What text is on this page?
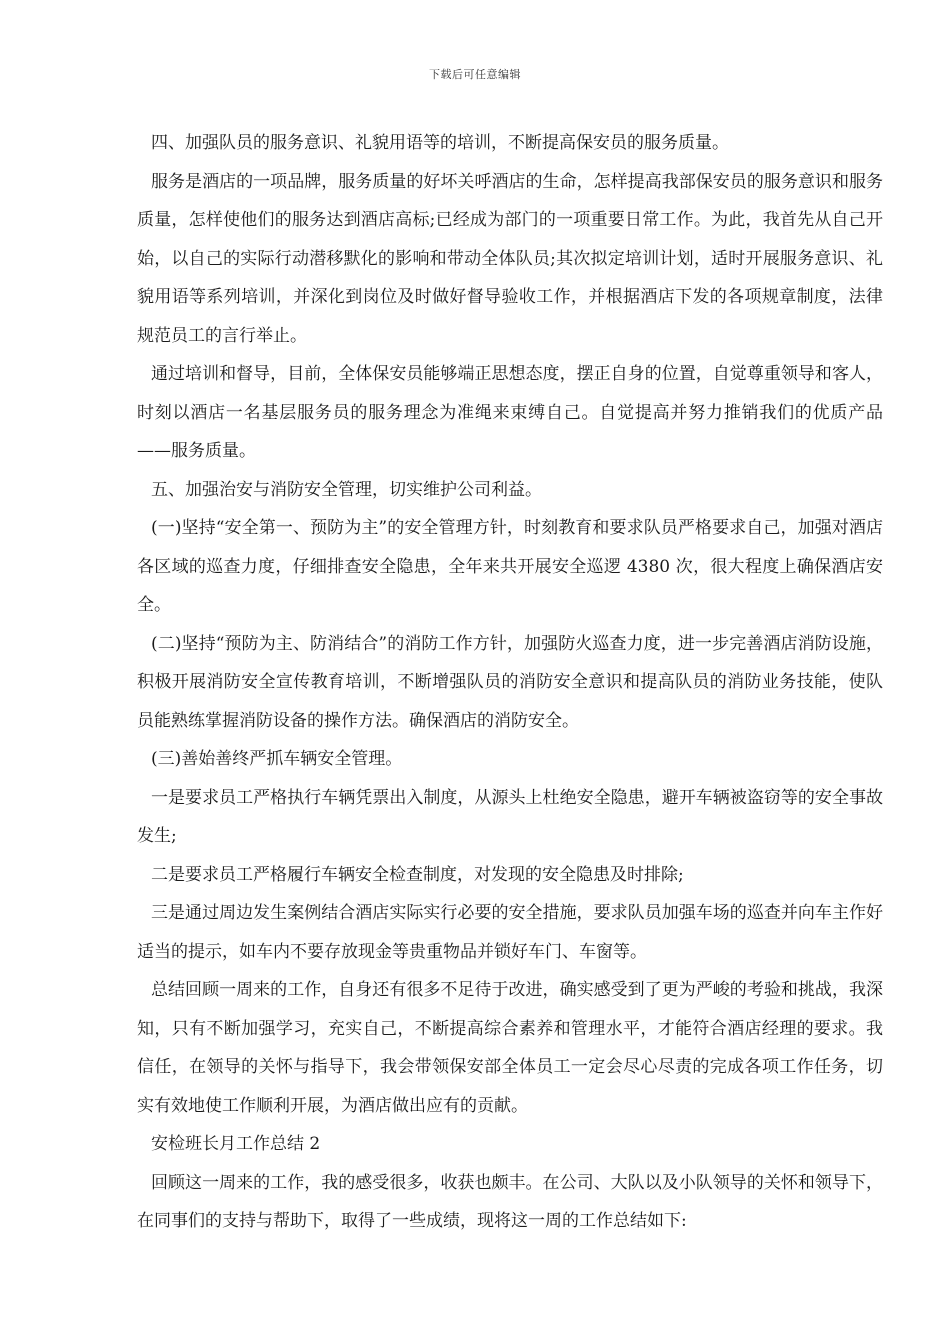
下载后可任意编辑

四、加强队员的服务意识、礼貌用语等的培训，不断提高保安员的服务质量。

服务是酒店的一项品牌，服务质量的好坏关呼酒店的生命，怎样提高我部保安员的服务意识和服务质量，怎样使他们的服务达到酒店高标;已经成为部门的一项重要日常工作。为此，我首先从自己开始，以自己的实际行动潜移默化的影响和带动全体队员;其次拟定培训计划，适时开展服务意识、礼貌用语等系列培训，并深化到岗位及时做好督导验收工作，并根据酒店下发的各项规章制度，法律规范员工的言行举止。

通过培训和督导，目前，全体保安员能够端正思想态度，摆正自身的位置，自觉尊重领导和客人，时刻以酒店一名基层服务员的服务理念为准绳来束缚自己。自觉提高并努力推销我们的优质产品——服务质量。

五、加强治安与消防安全管理，切实维护公司利益。

(一)坚持“安全第一、预防为主”的安全管理方针，时刻教育和要求队员严格要求自己，加强对酒店各区域的巡查力度，仔细排查安全隐患，全年来共开展安全巡逻 4380 次，很大程度上确保酒店安全。

(二)坚持“预防为主、防消结合”的消防工作方针，加强防火巡查力度，进一步完善酒店消防设施，积极开展消防安全宣传教育培训，不断增强队员的消防安全意识和提高队员的消防业务技能，使队员能熟练掌握消防设备的操作方法。确保酒店的消防安全。

(三)善始善终严抓车辆安全管理。

一是要求员工严格执行车辆凭票出入制度，从源头上杜绝安全隐患，避开车辆被盗窃等的安全事故发生;

二是要求员工严格履行车辆安全检查制度，对发现的安全隐患及时排除;

三是通过周边发生案例结合酒店实际实行必要的安全措施，要求队员加强车场的巡查并向车主作好适当的提示，如车内不要存放现金等贵重物品并锁好车门、车窗等。

总结回顾一周来的工作，自身还有很多不足待于改进，确实感受到了更为严峻的考验和挑战，我深知，只有不断加强学习，充实自己，不断提高综合素养和管理水平，才能符合酒店经理的要求。我信任，在领导的关怀与指导下，我会带领保安部全体员工一定会尽心尽责的完成各项工作任务，切实有效地使工作顺利开展，为酒店做出应有的贡献。

安检班长月工作总结 2

回顾这一周来的工作，我的感受很多，收获也颇丰。在公司、大队以及小队领导的关怀和领导下，在同事们的支持与帮助下，取得了一些成绩，现将这一周的工作总结如下:
